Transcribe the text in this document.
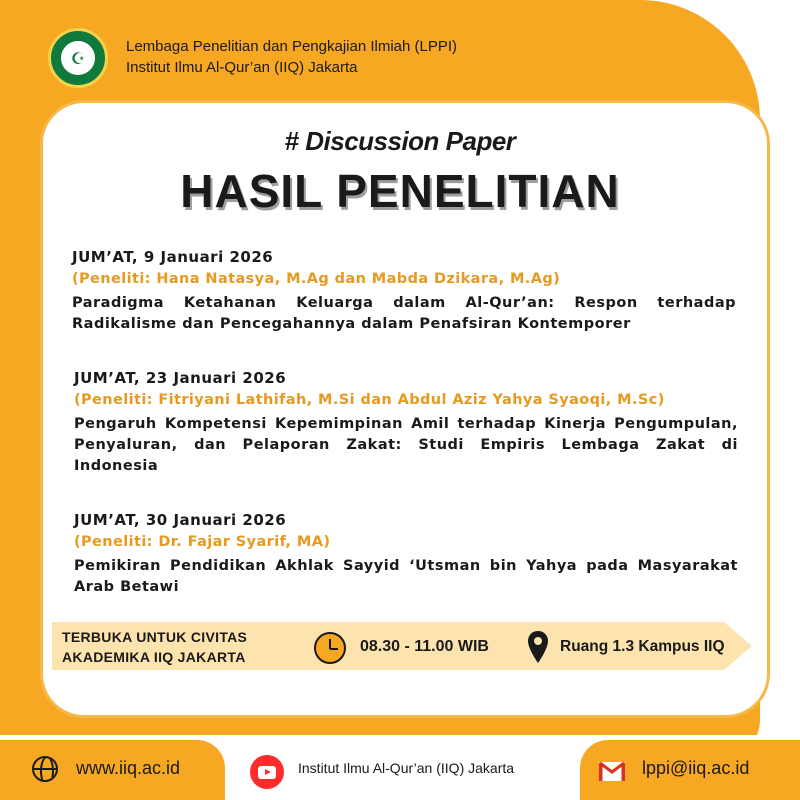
☪
Lembaga Penelitian dan Pengkajian Ilmiah (LPPI)
Institut Ilmu Al-Qur’an (IIQ) Jakarta
# Discussion Paper
HASIL PENELITIAN
JUM’AT, 9 Januari 2026
(Peneliti: Hana Natasya, M.Ag dan Mabda Dzikara, M.Ag)
Paradigma Ketahanan Keluarga dalam Al-Qur’an: Respon terhadap Radikalisme dan Pencegahannya dalam Penafsiran Kontemporer
JUM’AT, 23 Januari 2026
(Peneliti: Fitriyani Lathifah, M.Si dan Abdul Aziz Yahya Syaoqi, M.Sc)
Pengaruh Kompetensi Kepemimpinan Amil terhadap Kinerja Pengumpulan, Penyaluran, dan Pelaporan Zakat: Studi Empiris Lembaga Zakat di Indonesia
JUM’AT, 30 Januari 2026
(Peneliti: Dr. Fajar Syarif, MA)
Pemikiran Pendidikan Akhlak Sayyid ‘Utsman bin Yahya pada Masyarakat Arab Betawi
TERBUKA UNTUK CIVITAS
AKADEMIKA IIQ JAKARTA
08.30 - 11.00 WIB	Ruang 1.3 Kampus IIQ
www.iiq.ac.id	Institut Ilmu Al-Qur’an (IIQ) Jakarta	lppi@iiq.ac.id
